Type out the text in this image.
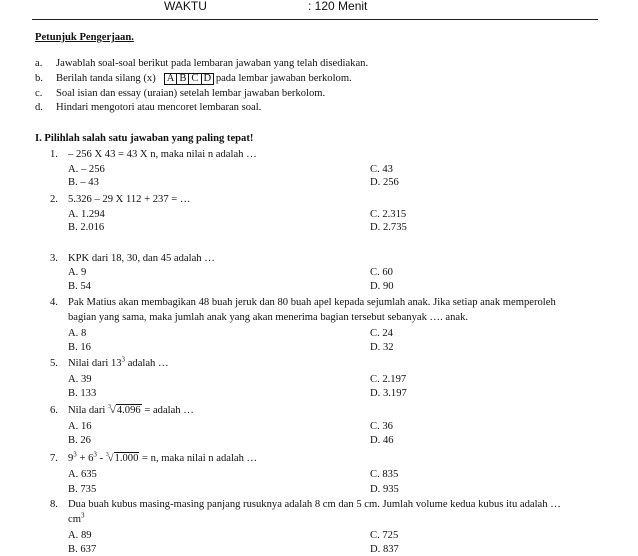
WAKTU	: 120 Menit
Petunjuk Pengerjaan.
a. Jawablah soal-soal berikut pada lembaran jawaban yang telah disediakan.
b. Berilah tanda silang (x) A B C D pada lembar jawaban berkolom.
c. Soal isian dan essay (uraian) setelah lembar jawaban berkolom.
d. Hindari mengotori atau mencoret lembaran soal.
I. Pilihlah salah satu jawaban yang paling tepat!
1. – 256 X 43 = 43 X n, maka nilai n adalah …
A. – 256
B. – 43
C. 43
D. 256
2. 5.326 – 29 X 112 + 237 = …
A. 1.294
B. 2.016
C. 2.315
D. 2.735
3. KPK dari 18, 30, dan 45 adalah …
A. 9
B. 54
C. 60
D. 90
4. Pak Matius akan membagikan 48 buah jeruk dan 80 buah apel kepada sejumlah anak. Jika setiap anak memperoleh
bagian yang sama, maka jumlah anak yang akan menerima bagian tersebut sebanyak …. anak.
A. 8
B. 16
C. 24
D. 32
5. Nilai dari $13^3$ adalah …
A. 39
B. 133
C. 2.197
D. 3.197
6. Nila dari $^3$√4.096 = adalah …
A. 16
B. 26
C. 36
D. 46
7. $9^3 + 6^3 - ^3√1.000 = n$, maka nilai n adalah …
A. 635
B. 735
C. 835
D. 935
8. Dua buah kubus masing-masing panjang rusuknya adalah 8 cm dan 5 cm. Jumlah volume kedua kubus itu adalah …
$cm^3$
A. 89
B. 637
C. 725
D. 837
